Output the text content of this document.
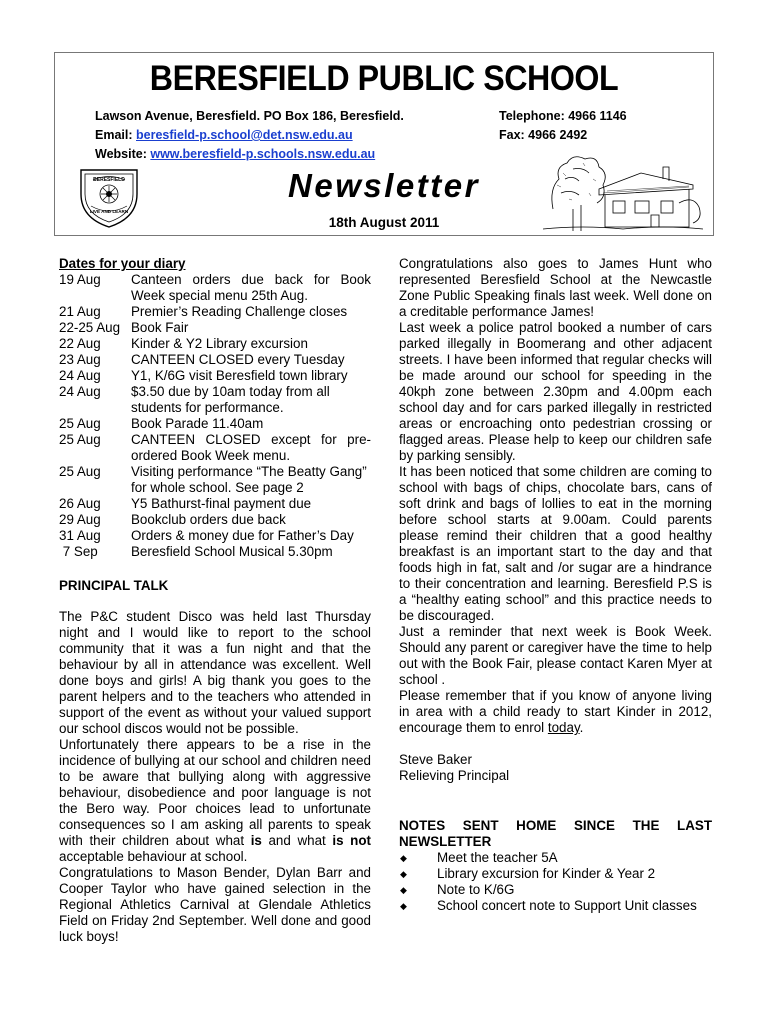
BERESFIELD PUBLIC SCHOOL
Lawson Avenue, Beresfield. PO Box 186, Beresfield.
Email: beresfield-p.school@det.nsw.edu.au
Website: www.beresfield-p.schools.nsw.edu.au
Telephone: 4966 1146
Fax: 4966 2492
BERESFIELD
LIVE AND LEARN
Newsletter
18th August 2011
Dates for your diary
19 Aug	Canteen orders due back for Book Week special menu 25th Aug.
21 Aug	Premier’s Reading Challenge closes
22-25 Aug Book Fair
22 Aug	Kinder & Y2 Library excursion
23 Aug	CANTEEN CLOSED every Tuesday
24 Aug	Y1, K/6G visit Beresfield town library
24 Aug	$3.50 due by 10am today from all students for performance.
25 Aug	Book Parade 11.40am
25 Aug	CANTEEN CLOSED except for pre-ordered Book Week menu.
25 Aug	Visiting performance “The Beatty Gang” for whole school. See page 2
26 Aug	Y5 Bathurst-final payment due
29 Aug	Bookclub orders due back
31 Aug	Orders & money due for Father’s Day
7 Sep	Beresfield School Musical 5.30pm
PRINCIPAL TALK
The P&C student Disco was held last Thursday night and I would like to report to the school community that it was a fun night and that the behaviour by all in attendance was excellent. Well done boys and girls! A big thank you goes to the parent helpers and to the teachers who attended in support of the event as without your valued support our school discos would not be possible.
Unfortunately there appears to be a rise in the incidence of bullying at our school and children need to be aware that bullying along with aggressive behaviour, disobedience and poor language is not the Bero way. Poor choices lead to unfortunate consequences so I am asking all parents to speak with their children about what is and what is not acceptable behaviour at school.
Congratulations to Mason Bender, Dylan Barr and Cooper Taylor who have gained selection in the Regional Athletics Carnival at Glendale Athletics Field on Friday 2nd September. Well done and good luck boys!
Congratulations also goes to James Hunt who represented Beresfield School at the Newcastle Zone Public Speaking finals last week. Well done on a creditable performance James!
Last week a police patrol booked a number of cars parked illegally in Boomerang and other adjacent streets. I have been informed that regular checks will be made around our school for speeding in the 40kph zone between 2.30pm and 4.00pm each school day and for cars parked illegally in restricted areas or encroaching onto pedestrian crossing or flagged areas. Please help to keep our children safe by parking sensibly.
It has been noticed that some children are coming to school with bags of chips, chocolate bars, cans of soft drink and bags of lollies to eat in the morning before school starts at 9.00am. Could parents please remind their children that a good healthy breakfast is an important start to the day and that foods high in fat, salt and /or sugar are a hindrance to their concentration and learning. Beresfield P.S is a “healthy eating school” and this practice needs to be discouraged.
Just a reminder that next week is Book Week. Should any parent or caregiver have the time to help out with the Book Fair, please contact Karen Myer at school .
Please remember that if you know of anyone living in area with a child ready to start Kinder in 2012, encourage them to enrol today.
Steve Baker
Relieving Principal
NOTES SENT HOME SINCE THE LAST NEWSLETTER
◆	Meet the teacher 5A
◆	Library excursion for Kinder & Year 2
◆	Note to K/6G
◆	School concert note to Support Unit classes
